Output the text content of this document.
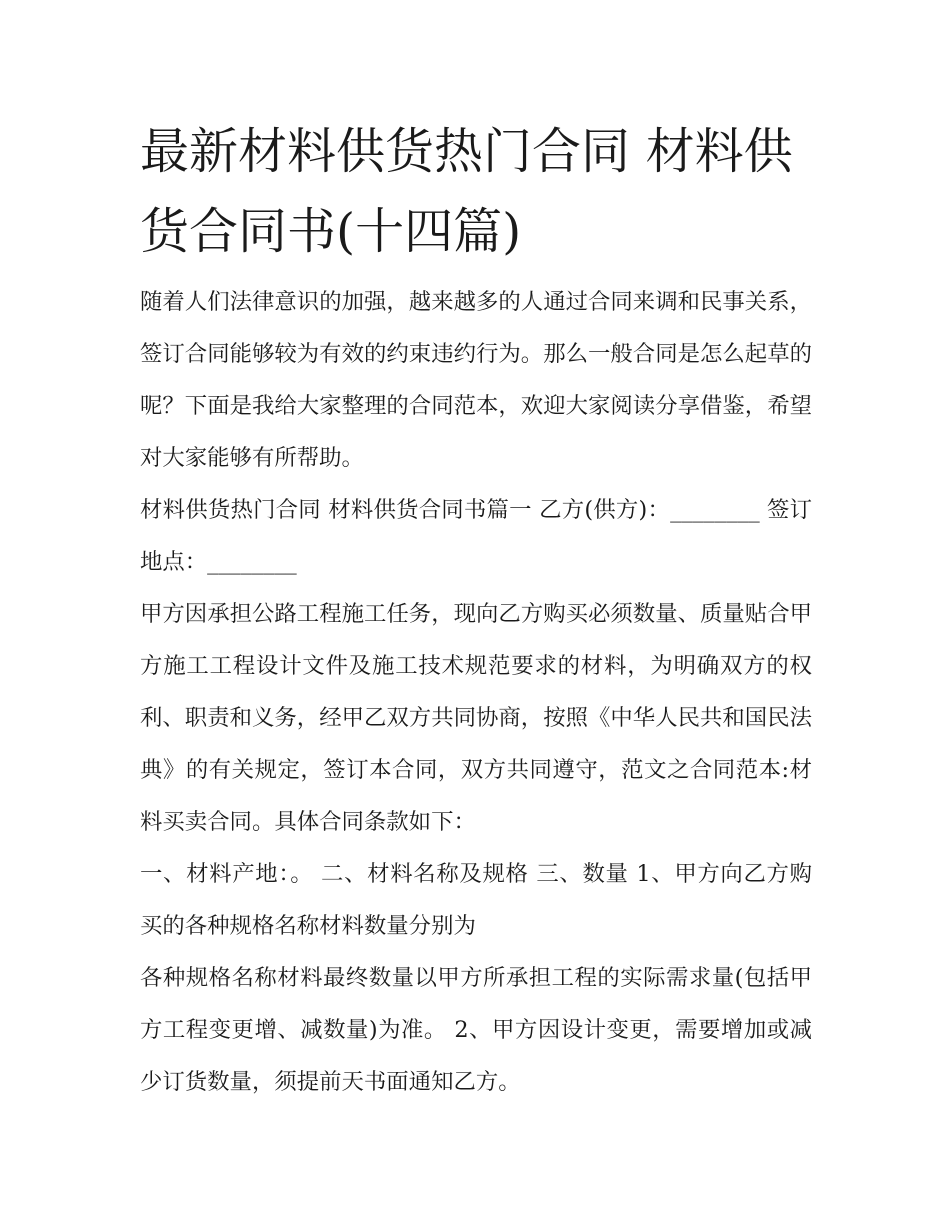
最新材料供货热门合同 材料供货合同书(十四篇)

随着人们法律意识的加强，越来越多的人通过合同来调和民事关系，签订合同能够较为有效的约束违约行为。那么一般合同是怎么起草的呢？下面是我给大家整理的合同范本，欢迎大家阅读分享借鉴，希望对大家能够有所帮助。

材料供货热门合同 材料供货合同书篇一 乙方(供方)：________ 签订地点：________

甲方因承担公路工程施工任务，现向乙方购买必须数量、质量贴合甲方施工工程设计文件及施工技术规范要求的材料，为明确双方的权利、职责和义务，经甲乙双方共同协商，按照《中华人民共和国民法典》的有关规定，签订本合同，双方共同遵守，范文之合同范本:材料买卖合同。具体合同条款如下：

一、材料产地：。 二、材料名称及规格 三、数量 1、甲方向乙方购买的各种规格名称材料数量分别为

各种规格名称材料最终数量以甲方所承担工程的实际需求量(包括甲方工程变更增、减数量)为准。 2、甲方因设计变更，需要增加或减少订货数量，须提前天书面通知乙方。
